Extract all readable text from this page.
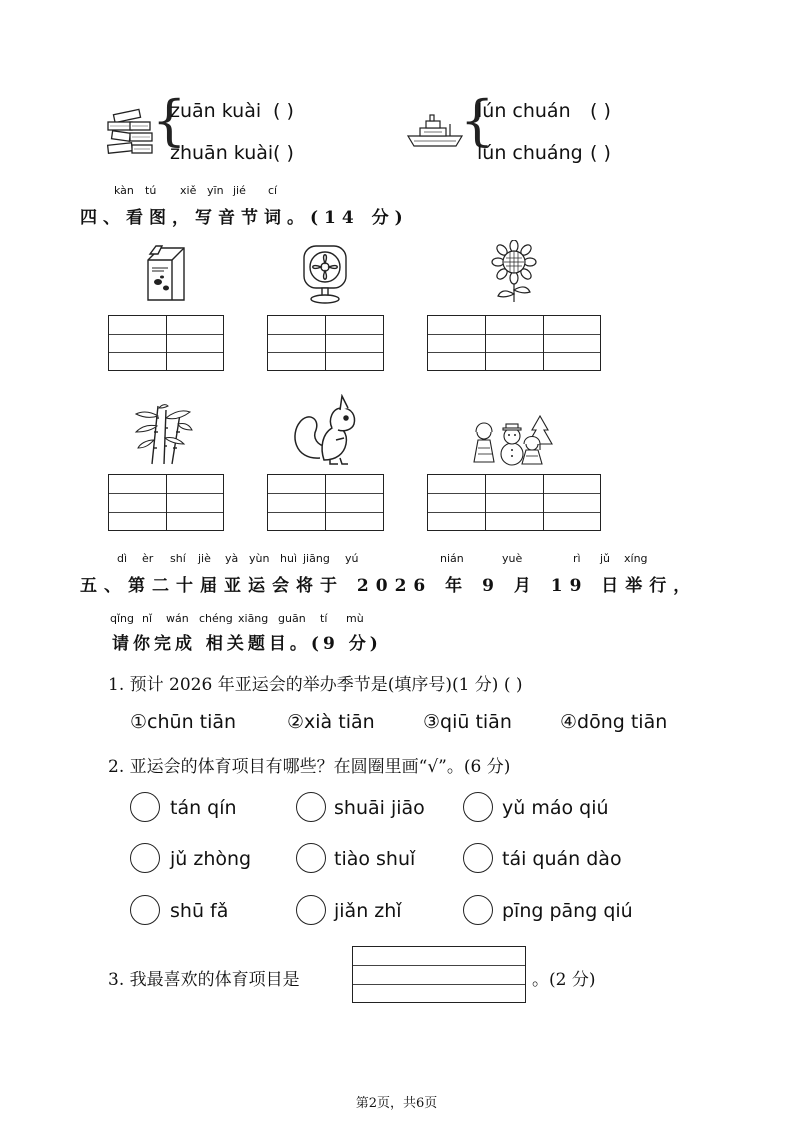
{
zuān kuài ( )
zhuān kuài ( )
{
lún chuán ( )
lún chuáng ( )
kàn tú xiě yīn jié cí
四、看图，写音节词。(14 分)
dì èr shí jiè yà yùn huì jiāng yú	nián	yuè	rì jǔ xíng
五、第二十届亚运会将于 2026 年 9 月 19 日举行，
qǐng nǐ wán chéng xiāng guān tí mù
请你完成 相关题目。(9 分)
1. 预计 2026 年亚运会的举办季节是(填序号)(1 分) ( )
①chūn tiān	②xià tiān	③qiū tiān	④dōng tiān
2. 亚运会的体育项目有哪些？在圆圈里画“√”。(6 分)
tán qín	shuāi jiāo	yǔ máo qiú
jǔ zhòng	tiào shuǐ	tái quán dào
shū fǎ	jiǎn zhǐ	pīng pāng qiú
3. 我最喜欢的体育项目是	。(2 分)
第2页，共6页
